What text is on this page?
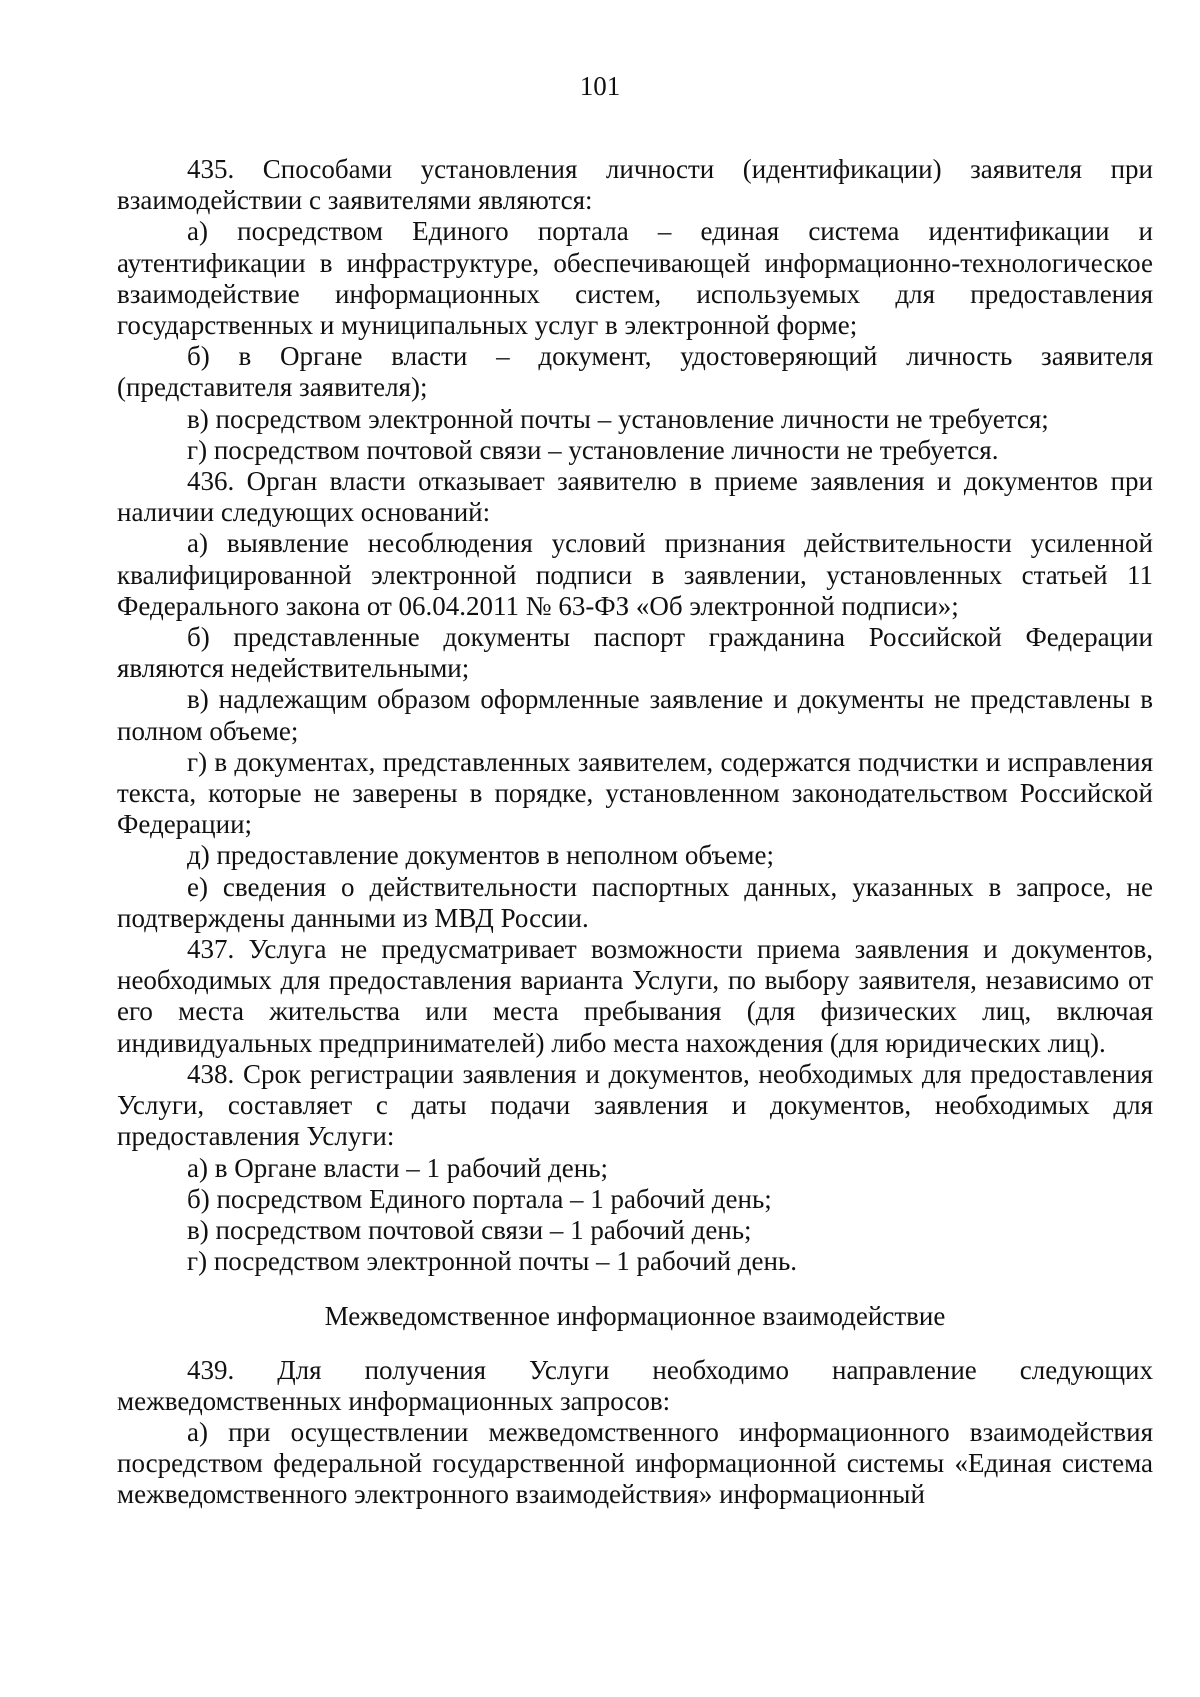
101

435. Способами установления личности (идентификации) заявителя при взаимодействии с заявителями являются:

а) посредством Единого портала – единая система идентификации и аутентификации в инфраструктуре, обеспечивающей информационно-технологическое взаимодействие информационных систем, используемых для предоставления государственных и муниципальных услуг в электронной форме;

б) в Органе власти – документ, удостоверяющий личность заявителя (представителя заявителя);

в) посредством электронной почты – установление личности не требуется;

г) посредством почтовой связи – установление личности не требуется.

436. Орган власти отказывает заявителю в приеме заявления и документов при наличии следующих оснований:

а) выявление несоблюдения условий признания действительности усиленной квалифицированной электронной подписи в заявлении, установленных статьей 11 Федерального закона от 06.04.2011 № 63-ФЗ «Об электронной подписи»;

б) представленные документы паспорт гражданина Российской Федерации являются недействительными;

в) надлежащим образом оформленные заявление и документы не представлены в полном объеме;

г) в документах, представленных заявителем, содержатся подчистки и исправления текста, которые не заверены в порядке, установленном законодательством Российской Федерации;

д) предоставление документов в неполном объеме;

е) сведения о действительности паспортных данных, указанных в запросе, не подтверждены данными из МВД России.

437. Услуга не предусматривает возможности приема заявления и документов, необходимых для предоставления варианта Услуги, по выбору заявителя, независимо от его места жительства или места пребывания (для физических лиц, включая индивидуальных предпринимателей) либо места нахождения (для юридических лиц).

438. Срок регистрации заявления и документов, необходимых для предоставления Услуги, составляет с даты подачи заявления и документов, необходимых для предоставления Услуги:

а) в Органе власти – 1 рабочий день;

б) посредством Единого портала – 1 рабочий день;

в) посредством почтовой связи – 1 рабочий день;

г) посредством электронной почты – 1 рабочий день.

Межведомственное информационное взаимодействие

439. Для получения Услуги необходимо направление следующих межведомственных информационных запросов:

а) при осуществлении межведомственного информационного взаимодействия посредством федеральной государственной информационной системы «Единая система межведомственного электронного взаимодействия» информационный
